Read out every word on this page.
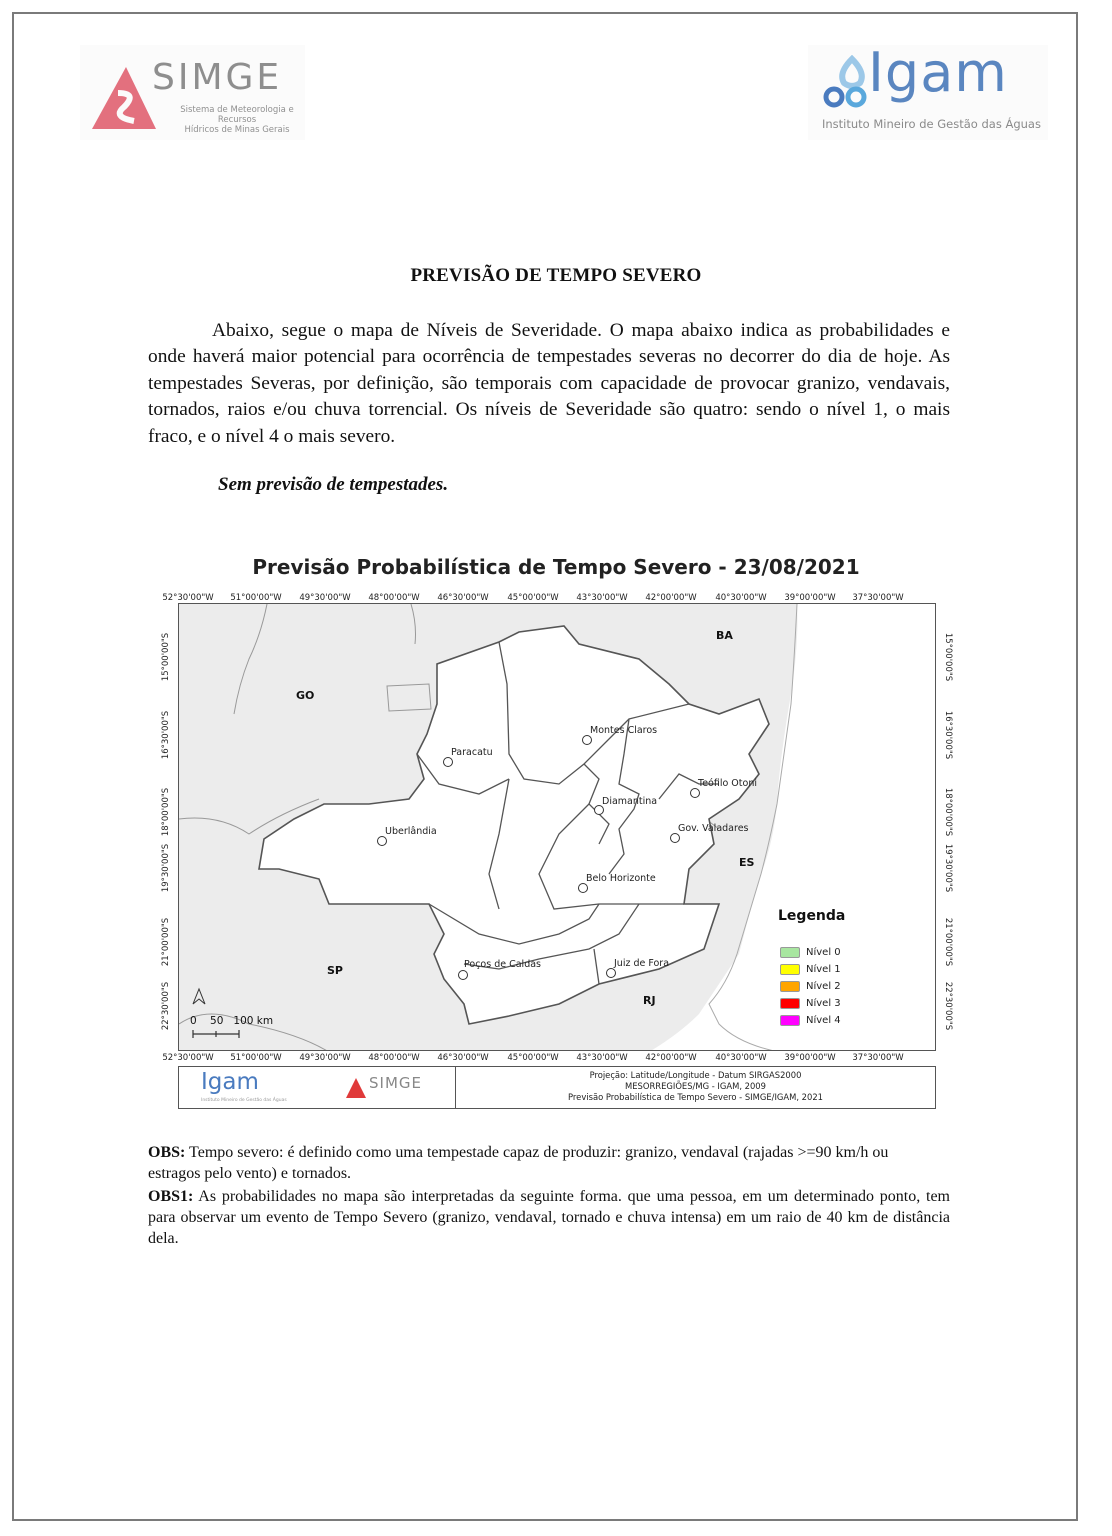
SIMGE
Sistema de Meteorologia e Recursos
Hídricos de Minas Gerais
Igam
Instituto Mineiro de Gestão das Águas
PREVISÃO DE TEMPO SEVERO

Abaixo, segue o mapa de Níveis de Severidade. O mapa abaixo indica as probabilidades e onde haverá maior potencial para ocorrência de tempestades severas no decorrer do dia de hoje. As tempestades Severas, por definição, são temporais com capacidade de provocar granizo, vendavais, tornados, raios e/ou chuva torrencial. Os níveis de Severidade são quatro: sendo o nível 1, o mais fraco, e o nível 4 o mais severo.

Sem previsão de tempestades.
Previsão Probabilística de Tempo Severo - 23/08/2021
52°30'00"W 51°00'00"W 49°30'00"W 48°00'00"W 46°30'00"W 45°00'00"W 43°30'00"W 42°00'00"W 40°30'00"W 39°00'00"W 37°30'00"W
52°30'00"W 51°00'00"W 49°30'00"W 48°00'00"W 46°30'00"W 45°00'00"W 43°30'00"W 42°00'00"W 40°30'00"W 39°00'00"W 37°30'00"W
15°00'00"S
16°30'00"S
18°00'00"S
19°30'00"S
21°00'00"S
22°30'00"S
15°00'00"S
16°30'00"S
18°00'00"S
19°30'00"S
21°00'00"S
22°30'00"S
GO
BA
ES
SP
RJ
Montes Claros
Paracatu
Teófilo Otoni
Diamantina
Uberlândia	Gov. Valadares
Belo Horizonte
Poços de Caldas	Juiz de Fora
Legenda
Nível 0
Nível 1
Nível 2
Nível 3
Nível 4
0    50   100 km
Igam
Instituto Mineiro de Gestão das Águas
SIMGE	Projeção: Latitude/Longitude - Datum SIRGAS2000
MESORREGIÕES/MG - IGAM, 2009
Previsão Probabilística de Tempo Severo - SIMGE/IGAM, 2021

OBS: Tempo severo: é definido como uma tempestade capaz de produzir: granizo, vendaval (rajadas >=90 km/h ou estragos pelo vento) e tornados.

OBS1: As probabilidades no mapa são interpretadas da seguinte forma. que uma pessoa, em um determinado ponto, tem para observar um evento de Tempo Severo (granizo, vendaval, tornado e chuva intensa) em um raio de 40 km de distância dela.
